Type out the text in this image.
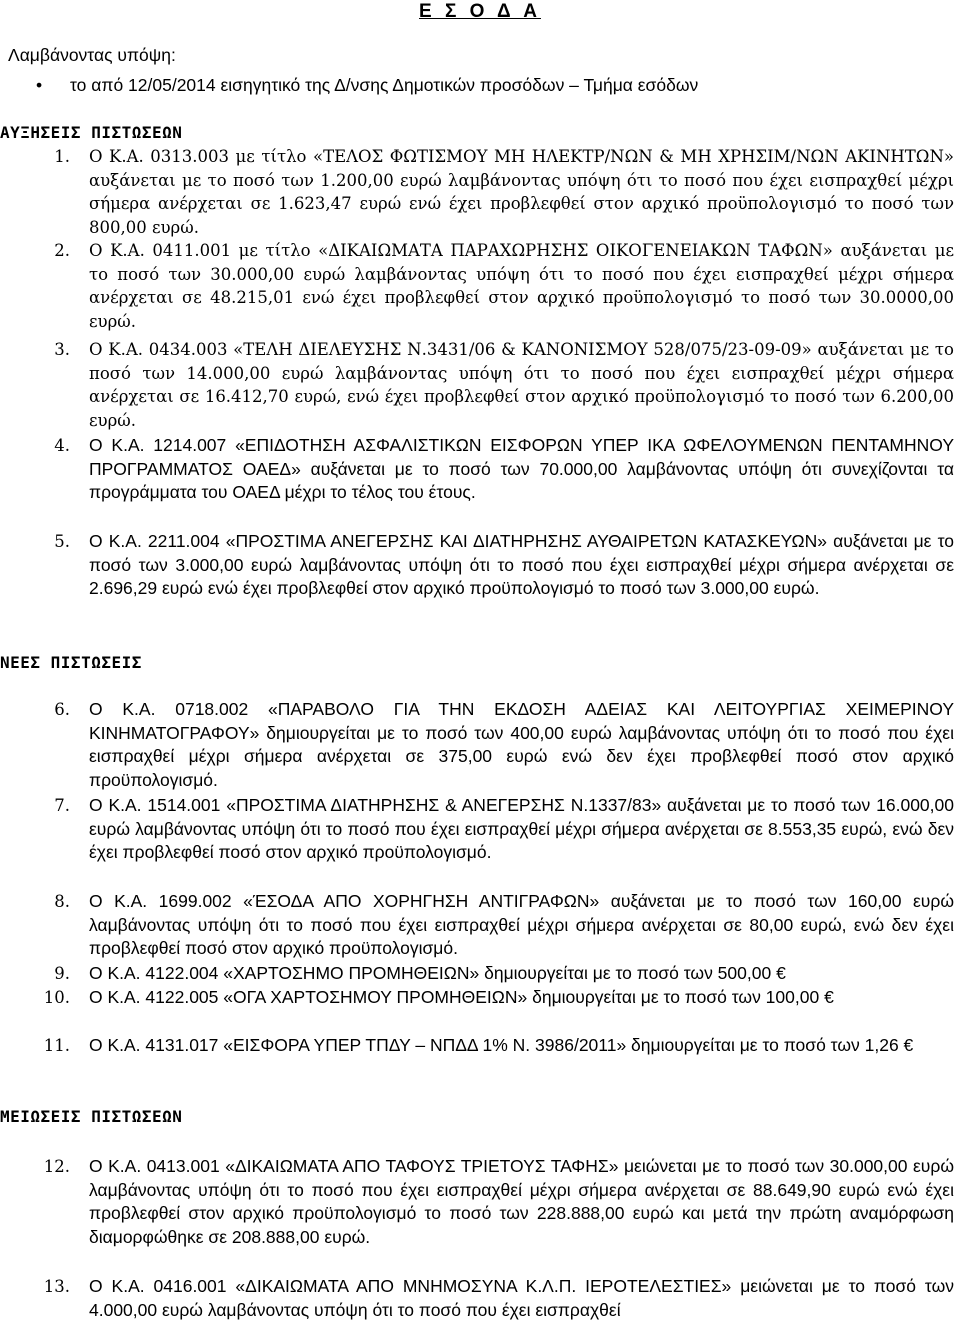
Ε Σ Ο Δ Α
Λαμβάνοντας υπόψη:
• το από 12/05/2014 εισηγητικό της Δ/νσης Δημοτικών προσόδων – Τμήμα εσόδων
ΑΥΞΗΣΕΙΣ ΠΙΣΤΩΣΕΩΝ
1. Ο Κ.Α. 0313.003 με τίτλο «ΤΕΛΟΣ ΦΩΤΙΣΜΟΥ ΜΗ ΗΛΕΚΤΡ/ΝΩΝ & ΜΗ ΧΡΗΣΙΜ/ΝΩΝ ΑΚΙΝΗΤΩΝ» αυξάνεται με το ποσό των 1.200,00 ευρώ λαμβάνοντας υπόψη ότι το ποσό που έχει εισπραχθεί μέχρι σήμερα ανέρχεται σε 1.623,47 ευρώ ενώ έχει προβλεφθεί στον αρχικό προϋπολογισμό το ποσό των 800,00 ευρώ.
2. Ο Κ.Α. 0411.001 με τίτλο «ΔΙΚΑΙΩΜΑΤΑ ΠΑΡΑΧΩΡΗΣΗΣ ΟΙΚΟΓΕΝΕΙΑΚΩΝ ΤΑΦΩΝ» αυξάνεται με το ποσό των 30.000,00 ευρώ λαμβάνοντας υπόψη ότι το ποσό που έχει εισπραχθεί μέχρι σήμερα ανέρχεται σε 48.215,01 ενώ έχει προβλεφθεί στον αρχικό προϋπολογισμό το ποσό των 30.0000,00 ευρώ.
3. Ο Κ.Α. 0434.003 «ΤΕΛΗ ΔΙΕΛΕΥΣΗΣ Ν.3431/06 & ΚΑΝΟΝΙΣΜΟΥ 528/075/23-09-09» αυξάνεται με το ποσό των 14.000,00 ευρώ λαμβάνοντας υπόψη ότι το ποσό που έχει εισπραχθεί μέχρι σήμερα ανέρχεται σε 16.412,70 ευρώ, ενώ έχει προβλεφθεί στον αρχικό προϋπολογισμό το ποσό των 6.200,00 ευρώ.
4. Ο Κ.Α. 1214.007 «ΕΠΙΔΟΤΗΣΗ ΑΣΦΑΛΙΣΤΙΚΩΝ ΕΙΣΦΟΡΩΝ ΥΠΕΡ ΙΚΑ ΩΦΕΛΟΥΜΕΝΩΝ ΠΕΝΤΑΜΗΝΟΥ ΠΡΟΓΡΑΜΜΑΤΟΣ ΟΑΕΔ» αυξάνεται με το ποσό των 70.000,00 λαμβάνοντας υπόψη ότι συνεχίζονται τα προγράμματα του ΟΑΕΔ μέχρι το τέλος του έτους.
5. Ο Κ.Α. 2211.004 «ΠΡΟΣΤΙΜΑ ΑΝΕΓΕΡΣΗΣ ΚΑΙ ΔΙΑΤΗΡΗΣΗΣ ΑΥΘΑΙΡΕΤΩΝ ΚΑΤΑΣΚΕΥΩΝ» αυξάνεται με το ποσό των 3.000,00 ευρώ λαμβάνοντας υπόψη ότι το ποσό που έχει εισπραχθεί μέχρι σήμερα ανέρχεται σε 2.696,29 ευρώ ενώ έχει προβλεφθεί στον αρχικό προϋπολογισμό το ποσό των 3.000,00 ευρώ.
ΝΕΕΣ ΠΙΣΤΩΣΕΙΣ
6. Ο Κ.Α. 0718.002 «ΠΑΡΑΒΟΛΟ ΓΙΑ ΤΗΝ ΕΚΔΟΣΗ ΑΔΕΙΑΣ ΚΑΙ ΛΕΙΤΟΥΡΓΙΑΣ ΧΕΙΜΕΡΙΝΟΥ ΚΙΝΗΜΑΤΟΓΡΑΦΟΥ» δημιουργείται με το ποσό των 400,00 ευρώ λαμβάνοντας υπόψη ότι το ποσό που έχει εισπραχθεί μέχρι σήμερα ανέρχεται σε 375,00 ευρώ ενώ δεν έχει προβλεφθεί ποσό στον αρχικό προϋπολογισμό.
7. Ο Κ.Α. 1514.001 «ΠΡΟΣΤΙΜΑ ΔΙΑΤΗΡΗΣΗΣ & ΑΝΕΓΕΡΣΗΣ Ν.1337/83» αυξάνεται με το ποσό των 16.000,00 ευρώ λαμβάνοντας υπόψη ότι το ποσό που έχει εισπραχθεί μέχρι σήμερα ανέρχεται σε 8.553,35 ευρώ, ενώ δεν έχει προβλεφθεί ποσό στον αρχικό προϋπολογισμό.
8. Ο Κ.Α. 1699.002 «ΈΣΟΔΑ ΑΠΟ ΧΟΡΗΓΗΣΗ ΑΝΤΙΓΡΑΦΩΝ» αυξάνεται με το ποσό των 160,00 ευρώ λαμβάνοντας υπόψη ότι το ποσό που έχει εισπραχθεί μέχρι σήμερα ανέρχεται σε 80,00 ευρώ, ενώ δεν έχει προβλεφθεί ποσό στον αρχικό προϋπολογισμό.
9. Ο Κ.Α. 4122.004 «ΧΑΡΤΟΣΗΜΟ ΠΡΟΜΗΘΕΙΩΝ» δημιουργείται με το ποσό των 500,00 €
10. Ο Κ.Α. 4122.005 «ΟΓΑ ΧΑΡΤΟΣΗΜΟΥ ΠΡΟΜΗΘΕΙΩΝ» δημιουργείται με το ποσό των 100,00 €
11. Ο Κ.Α. 4131.017 «ΕΙΣΦΟΡΑ ΥΠΕΡ ΤΠΔΥ – ΝΠΔΔ 1% Ν. 3986/2011» δημιουργείται με το ποσό των 1,26 €
ΜΕΙΩΣΕΙΣ ΠΙΣΤΩΣΕΩΝ
12. Ο Κ.Α. 0413.001 «ΔΙΚΑΙΩΜΑΤΑ ΑΠΟ ΤΑΦΟΥΣ ΤΡΙΕΤΟΥΣ ΤΑΦΗΣ» μειώνεται με το ποσό των 30.000,00 ευρώ λαμβάνοντας υπόψη ότι το ποσό που έχει εισπραχθεί μέχρι σήμερα ανέρχεται σε 88.649,90 ευρώ ενώ έχει προβλεφθεί στον αρχικό προϋπολογισμό το ποσό των 228.888,00 ευρώ και μετά την πρώτη αναμόρφωση διαμορφώθηκε σε 208.888,00 ευρώ.
13. Ο Κ.Α. 0416.001 «ΔΙΚΑΙΩΜΑΤΑ ΑΠΟ ΜΝΗΜΟΣΥΝΑ Κ.Λ.Π. ΙΕΡΟΤΕΛΕΣΤΙΕΣ» μειώνεται με το ποσό των 4.000,00 ευρώ λαμβάνοντας υπόψη ότι το ποσό που έχει εισπραχθεί
